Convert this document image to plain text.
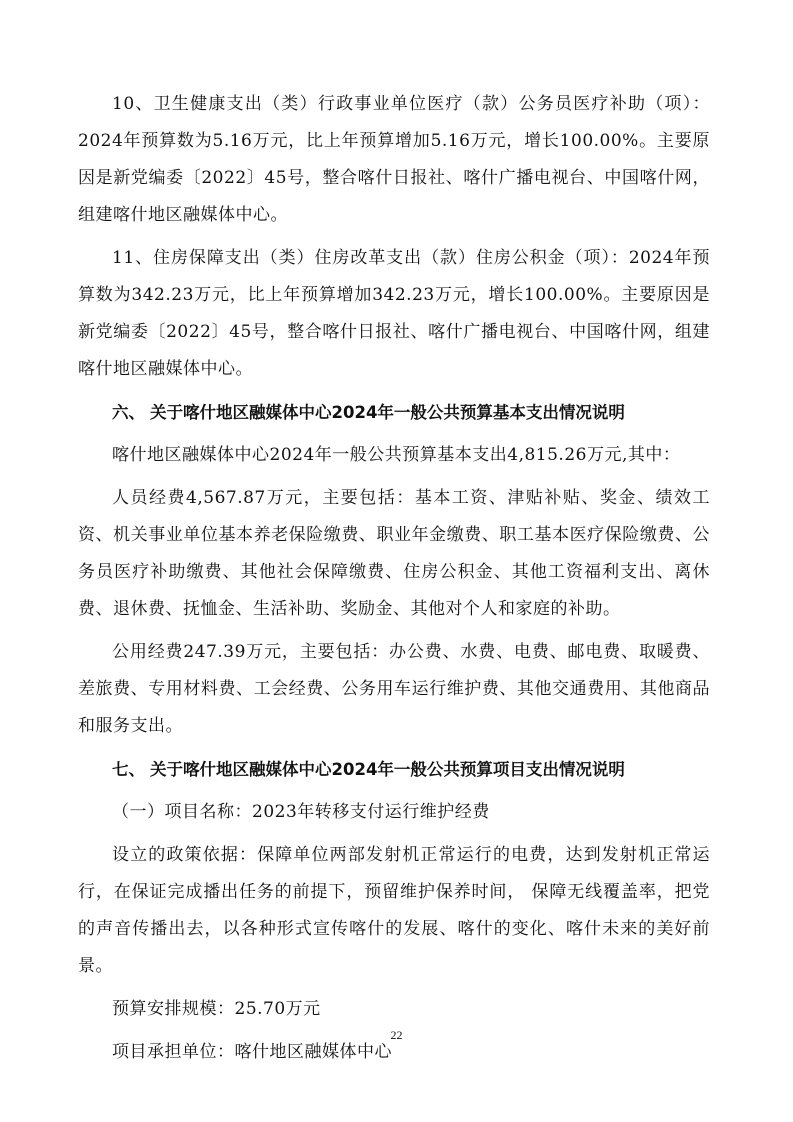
10、卫生健康支出（类）行政事业单位医疗（款）公务员医疗补助（项）：2024年预算数为5.16万元，比上年预算增加5.16万元，增长100.00%。主要原因是新党编委〔2022〕45号，整合喀什日报社、喀什广播电视台、中国喀什网，组建喀什地区融媒体中心。

11、住房保障支出（类）住房改革支出（款）住房公积金（项）：2024年预算数为342.23万元，比上年预算增加342.23万元，增长100.00%。主要原因是新党编委〔2022〕45号，整合喀什日报社、喀什广播电视台、中国喀什网，组建喀什地区融媒体中心。

六、 关于喀什地区融媒体中心2024年一般公共预算基本支出情况说明

喀什地区融媒体中心2024年一般公共预算基本支出4,815.26万元,其中：

人员经费4,567.87万元，主要包括：基本工资、津贴补贴、奖金、绩效工资、机关事业单位基本养老保险缴费、职业年金缴费、职工基本医疗保险缴费、公务员医疗补助缴费、其他社会保障缴费、住房公积金、其他工资福利支出、离休费、退休费、抚恤金、生活补助、奖励金、其他对个人和家庭的补助。

公用经费247.39万元，主要包括：办公费、水费、电费、邮电费、取暖费、差旅费、专用材料费、工会经费、公务用车运行维护费、其他交通费用、其他商品和服务支出。

七、 关于喀什地区融媒体中心2024年一般公共预算项目支出情况说明

（一）项目名称：2023年转移支付运行维护经费

设立的政策依据：保障单位两部发射机正常运行的电费，达到发射机正常运行，在保证完成播出任务的前提下，预留维护保养时间， 保障无线覆盖率，把党的声音传播出去，以各种形式宣传喀什的发展、喀什的变化、喀什未来的美好前景。

预算安排规模：25.70万元

项目承担单位：喀什地区融媒体中心

22
